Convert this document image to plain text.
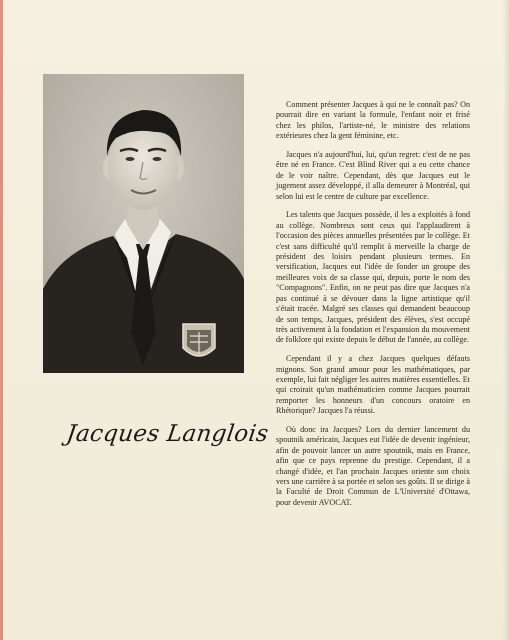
Jacques Langlois

Comment présenter Jacques à qui ne le connaît pas? On pourrait dire en variant la formule, l'enfant noir et frisé chez les philos, l'artiste-né, le ministre des relations extérieures chez la gent féminine, etc.

Jacques n'a aujourd'hui, lui, qu'un regret: c'est de ne pas être né en France. C'est Blind River qui a eu cette chance de le voir naître. Cependant, dès que Jacques eut le jugement assez développé, il alla demeurer à Montréal, qui selon lui est le centre de culture par excellence.

Les talents que Jacques possède, il les a exploités à fond au collège. Nombreux sont ceux qui l'applaudirent à l'occasion des pièces annuelles présentées par le collège. Et c'est sans difficulté qu'il remplit à merveille la charge de président des loisirs pendant plusieurs termes. En versification, Jacques eut l'idée de fonder un groupe des meilleures voix de sa classe qui, depuis, porte le nom des "Compagnons". Enfin, on ne peut pas dire que Jacques n'a pas continué à se dévouer dans la ligne artistique qu'il s'était tracée. Malgré ses classes qui demandent beaucoup de son temps, Jacques, président des élèves, s'est occupé très activement à la fondation et l'expansion du mouvement de folklore qui existe depuis le début de l'année, au collège.

Cependant il y a chez Jacques quelques défauts mignons. Son grand amour pour les mathématiques, par exemple, lui fait négliger les autres matières essentielles. Et qui croirait qu'un mathématicien comme Jacques pourrait remporter les honneurs d'un concours oratoire en Rhétorique? Jacques l'a réussi.

Où donc ira Jacques? Lors du dernier lancement du spoutnik américain, Jacques eut l'idée de devenir ingénieur, afin de pouvoir lancer un autre spoutnik, mais en France, afin que ce pays reprenne du prestige. Cependant, il a changé d'idée, et l'an prochain Jacques oriente son choix vers une carrière à sa portée et selon ses goûts. Il se dirige à la Faculté de Droit Commun de L'Université d'Ottawa, pour devenir AVOCAT.
